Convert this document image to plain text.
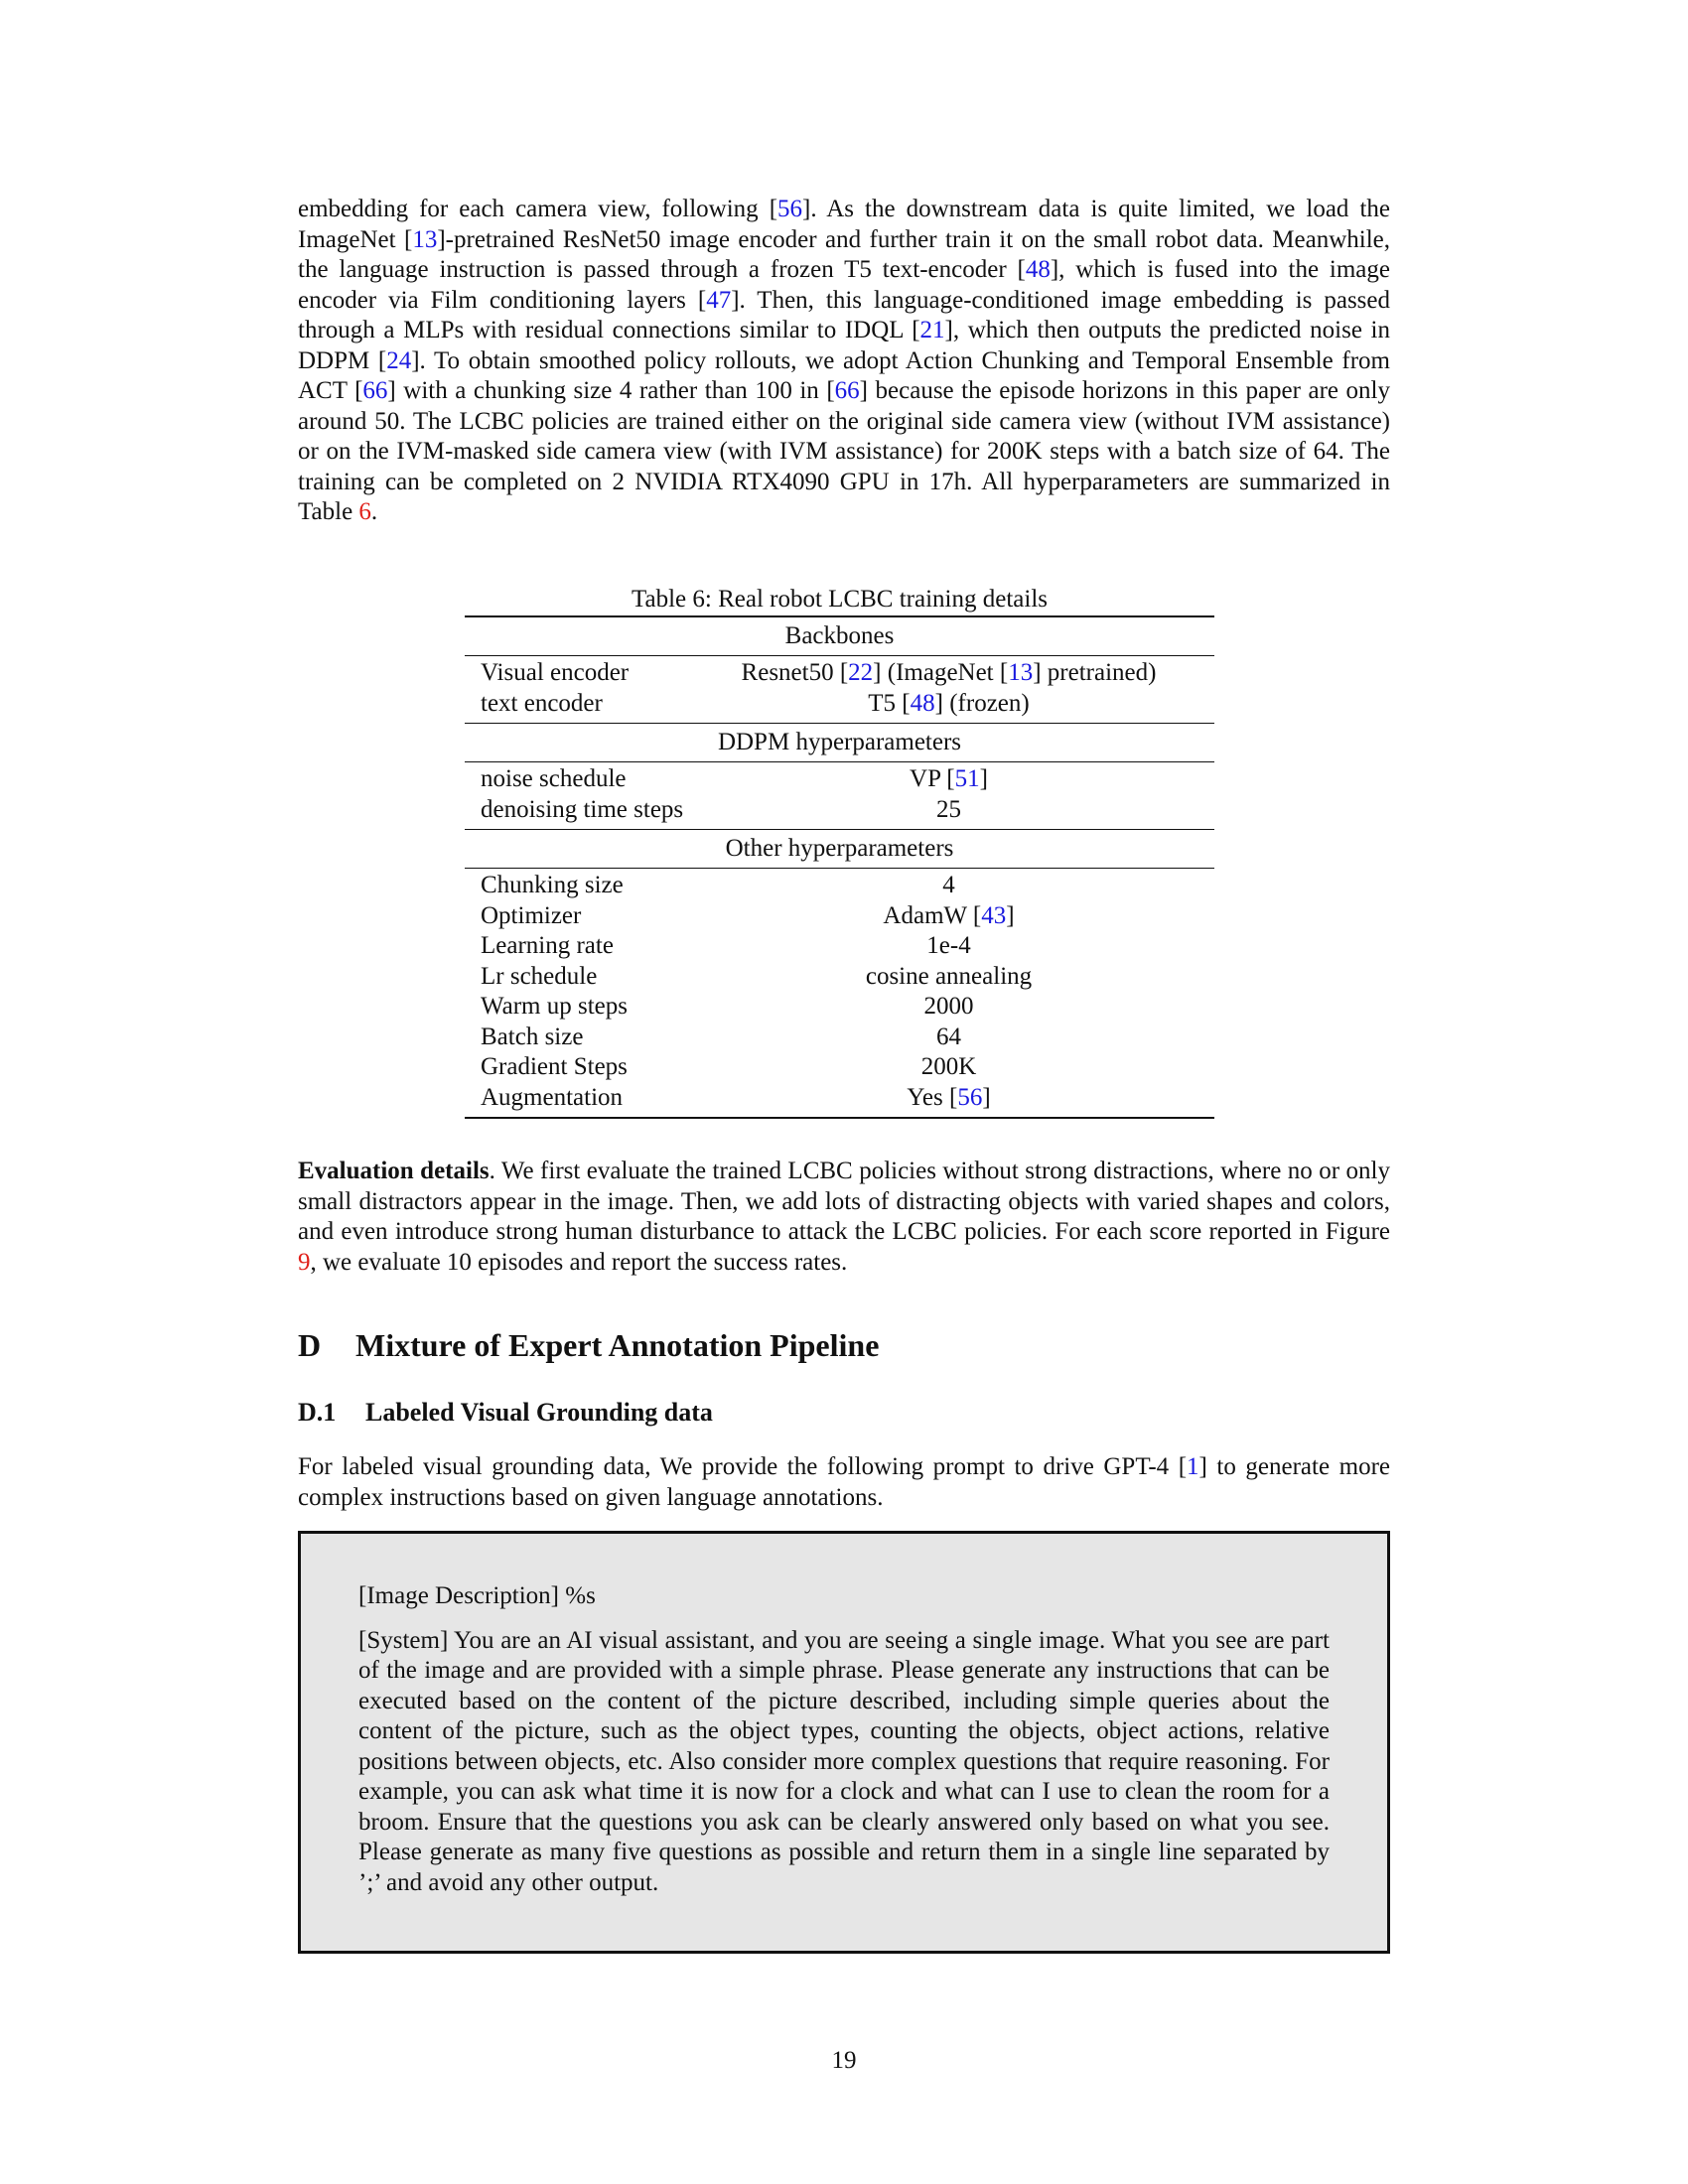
embedding for each camera view, following [56]. As the downstream data is quite limited, we load the ImageNet [13]-pretrained ResNet50 image encoder and further train it on the small robot data. Meanwhile, the language instruction is passed through a frozen T5 text-encoder [48], which is fused into the image encoder via Film conditioning layers [47]. Then, this language-conditioned image embedding is passed through a MLPs with residual connections similar to IDQL [21], which then outputs the predicted noise in DDPM [24]. To obtain smoothed policy rollouts, we adopt Action Chunking and Temporal Ensemble from ACT [66] with a chunking size 4 rather than 100 in [66] because the episode horizons in this paper are only around 50. The LCBC policies are trained either on the original side camera view (without IVM assistance) or on the IVM-masked side camera view (with IVM assistance) for 200K steps with a batch size of 64. The training can be completed on 2 NVIDIA RTX4090 GPU in 17h. All hyperparameters are summarized in Table 6.

Table 6: Real robot LCBC training details
Backbones
Visual encoder	Resnet50 [22] (ImageNet [13] pretrained)
text encoder	T5 [48] (frozen)
DDPM hyperparameters
noise schedule	VP [51]
denoising time steps	25
Other hyperparameters
Chunking size	4
Optimizer	AdamW [43]
Learning rate	1e-4
Lr schedule	cosine annealing
Warm up steps	2000
Batch size	64
Gradient Steps	200K
Augmentation	Yes [56]

Evaluation details. We first evaluate the trained LCBC policies without strong distractions, where no or only small distractors appear in the image. Then, we add lots of distracting objects with varied shapes and colors, and even introduce strong human disturbance to attack the LCBC policies. For each score reported in Figure 9, we evaluate 10 episodes and report the success rates.

D Mixture of Expert Annotation Pipeline
D.1 Labeled Visual Grounding data

For labeled visual grounding data, We provide the following prompt to drive GPT-4 [1] to generate more complex instructions based on given language annotations.

[Image Description] %s

[System] You are an AI visual assistant, and you are seeing a single image. What you see are part of the image and are provided with a simple phrase. Please generate any instructions that can be executed based on the content of the picture described, including simple queries about the content of the picture, such as the object types, counting the objects, object actions, relative positions between objects, etc. Also consider more complex questions that require reasoning. For example, you can ask what time it is now for a clock and what can I use to clean the room for a broom. Ensure that the questions you ask can be clearly answered only based on what you see. Please generate as many five questions as possible and return them in a single line separated by ’;’ and avoid any other output.

19
